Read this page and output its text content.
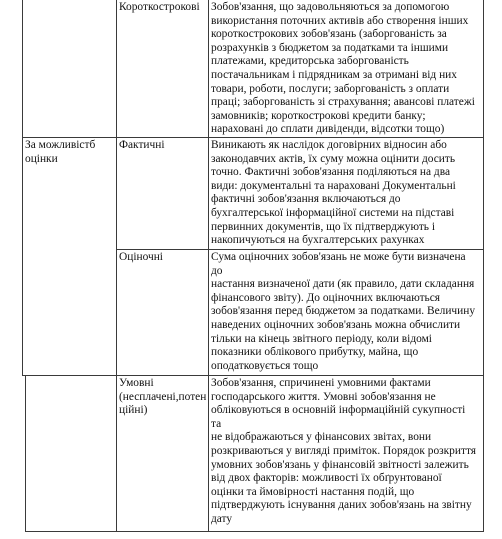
Короткострокові Зобов'язання, що задовольняються за допомогою
використання поточних активів або створення інших
короткострокових зобов'язань (заборгованість за
розрахунків з бюджетом за податками та іншими
платежами, кредиторська заборгованість
постачальникам і підрядникам за отримані від них
товари, роботи, послуги; заборгованість з оплати
праці; заборгованість зі страхування; авансові платежі
замовників; короткострокові кредити банку;
нараховані до сплати дивіденди, відсотки тощо)
За можливістб
оцінки
Фактичні	Виникають як наслідок договірних відносин або
законодавчих актів, їх суму можна оцінити досить
точно. Фактичні зобов'язання поділяються на два
види: документальні та нараховані Документальні
фактичні зобов'язання включаються до
бухгалтерської інформаційної системи на підставі
первинних документів, що їх підтверджують і
накопичуються на бухгалтерських рахунках
Оціночні	Сума оціночних зобов'язань не може бути визначена
до
настання визначеної дати (як правило, дати складання
фінансового звіту). До оціночних включаються
зобов'язання перед бюджетом за податками. Величину
наведених оціночних зобов'язань можна обчислити
тільки на кінець звітного періоду, коли відомі
показники облікового прибутку, майна, що
оподатковується тощо
Умовні
(несплачені,потен
ційні)
Зобов'язання, спричинені умовними фактами
господарського життя. Умовні зобов'язання не
обліковуються в основній інформаційній сукупності
та
не відображаються у фінансових звітах, вони
розкриваються у вигляді приміток. Порядок розкриття
умовних зобов'язань у фінансовій звітності залежить
від двох факторів: можливості їх обґрунтованої
оцінки та ймовірності настання подій, що
підтверджують існування даних зобов'язань на звітну
дату
